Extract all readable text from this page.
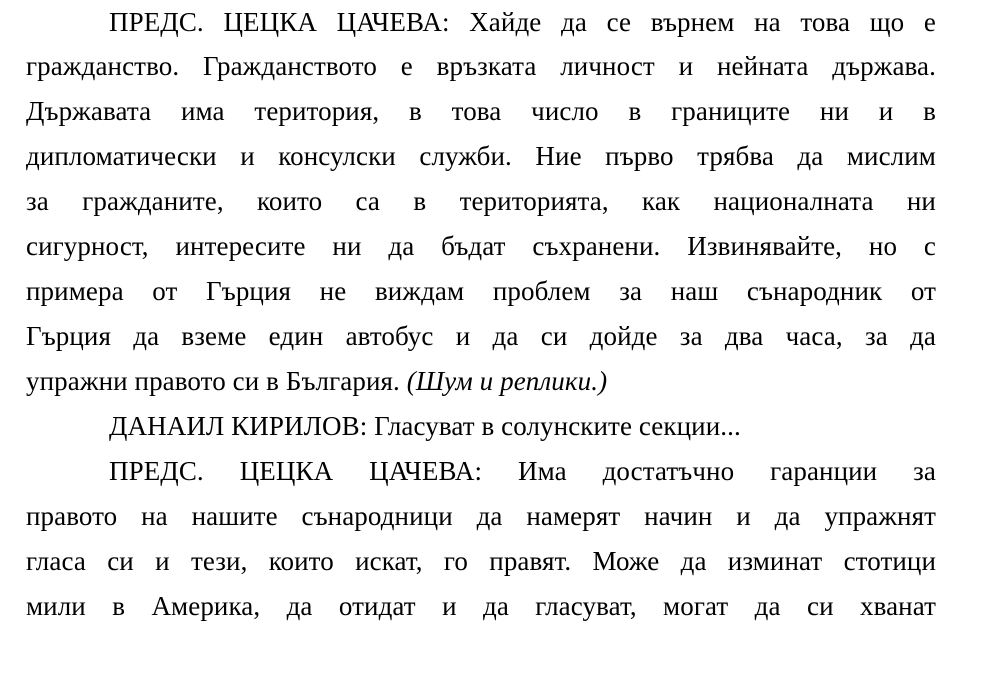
ПРЕДС. ЦЕЦКА ЦАЧЕВА: Хайде да се върнем на това що е
гражданство. Гражданството е връзката личност и нейната държава.
Държавата има територия, в това число в границите ни и в
дипломатически и консулски служби. Ние първо трябва да мислим
за гражданите, които са в територията, как националната ни
сигурност, интересите ни да бъдат съхранени. Извинявайте, но с
примера от Гърция не виждам проблем за наш сънародник от
Гърция да вземе един автобус и да си дойде за два часа, за да
упражни правото си в България. (Шум и реплики.)
ДАНАИЛ КИРИЛОВ: Гласуват в солунските секции...
ПРЕДС. ЦЕЦКА ЦАЧЕВА: Има достатъчно гаранции за
правото на нашите сънародници да намерят начин и да упражнят
гласа си и тези, които искат, го правят. Може да изминат стотици
мили в Америка, да отидат и да гласуват, могат да си хванат
